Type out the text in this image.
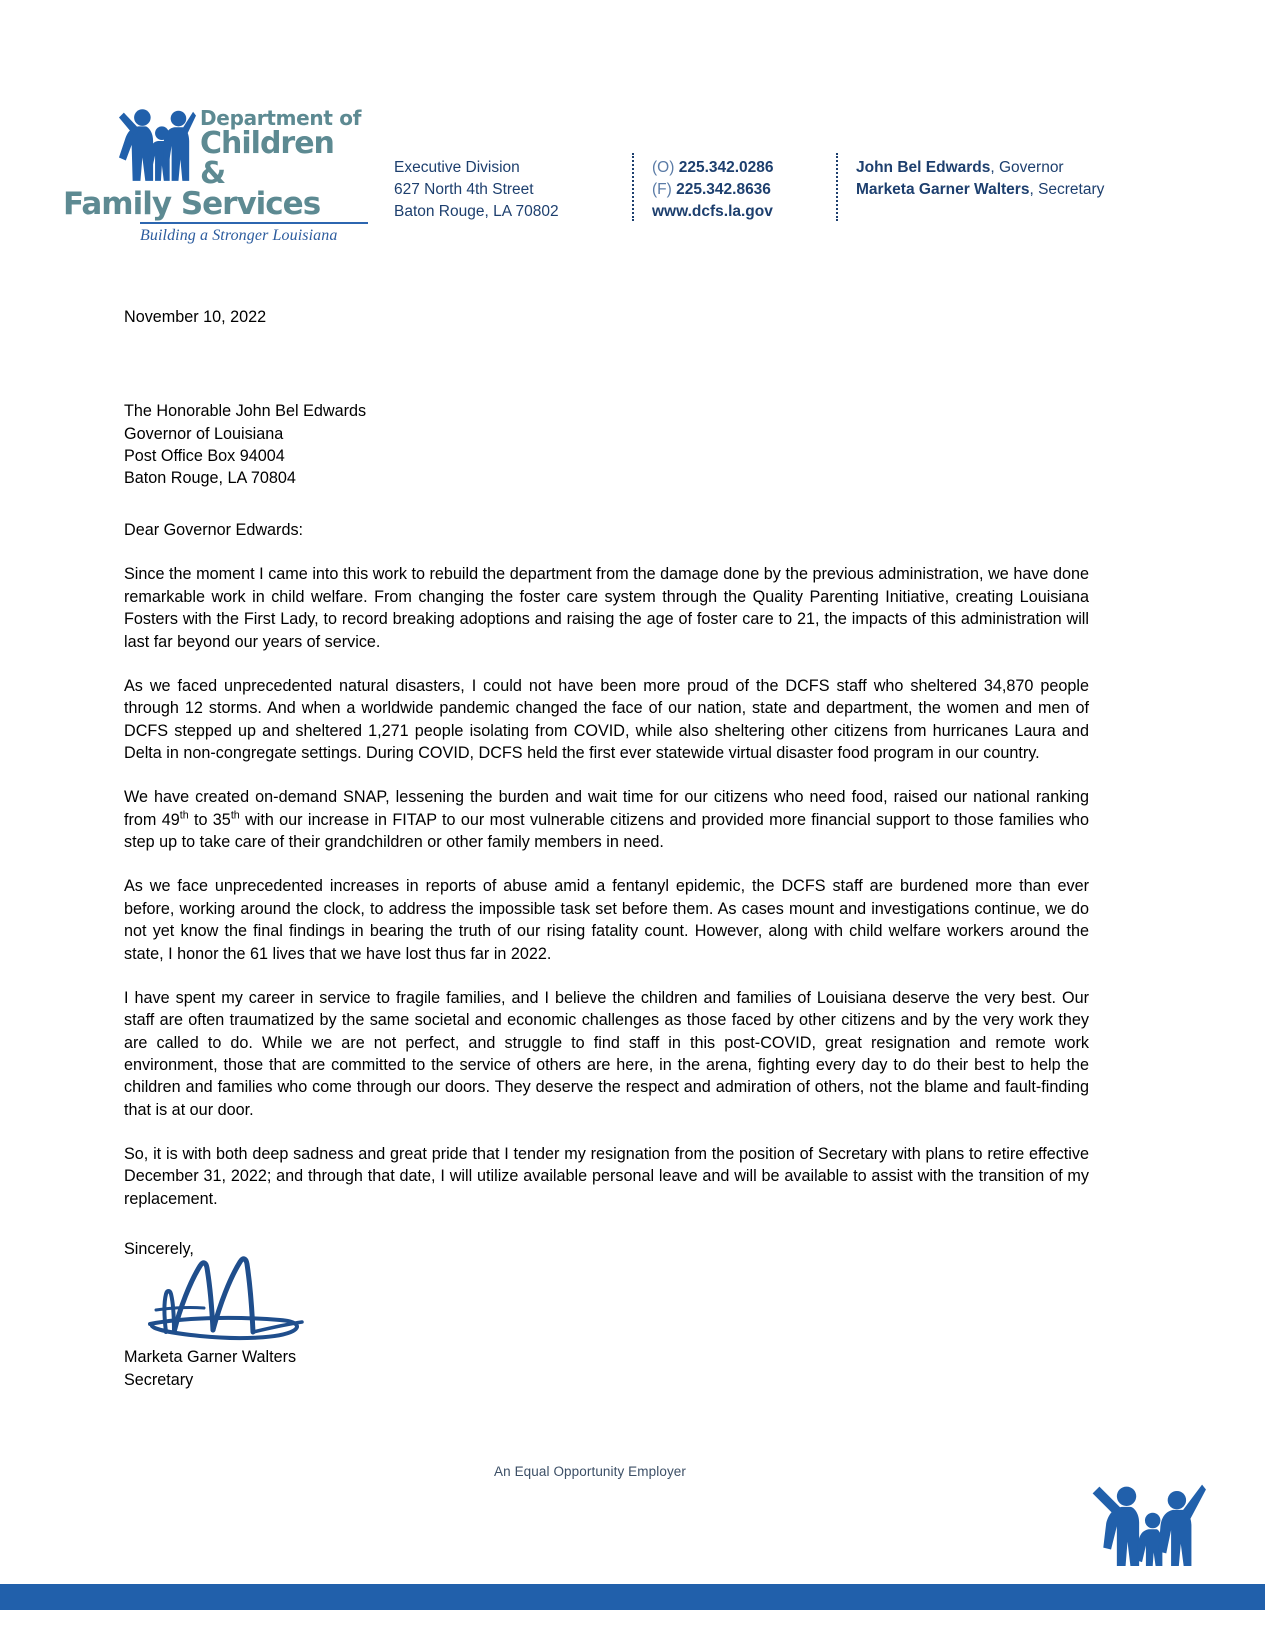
Department of
Children &
Family Services
Building a Stronger Louisiana
Executive Division
627 North 4th Street
Baton Rouge, LA 70802
(O) 225.342.0286
(F) 225.342.8636
www.dcfs.la.gov
John Bel Edwards, Governor
Marketa Garner Walters, Secretary
November 10, 2022
The Honorable John Bel Edwards
Governor of Louisiana
Post Office Box 94004
Baton Rouge, LA 70804
Dear Governor Edwards:

Since the moment I came into this work to rebuild the department from the damage done by the previous administration, we have done remarkable work in child welfare. From changing the foster care system through the Quality Parenting Initiative, creating Louisiana Fosters with the First Lady, to record breaking adoptions and raising the age of foster care to 21, the impacts of this administration will last far beyond our years of service.

As we faced unprecedented natural disasters, I could not have been more proud of the DCFS staff who sheltered 34,870 people through 12 storms. And when a worldwide pandemic changed the face of our nation, state and department, the women and men of DCFS stepped up and sheltered 1,271 people isolating from COVID, while also sheltering other citizens from hurricanes Laura and Delta in non-congregate settings. During COVID, DCFS held the first ever statewide virtual disaster food program in our country.

We have created on-demand SNAP, lessening the burden and wait time for our citizens who need food, raised our national ranking from 49th to 35th with our increase in FITAP to our most vulnerable citizens and provided more financial support to those families who step up to take care of their grandchildren or other family members in need.

As we face unprecedented increases in reports of abuse amid a fentanyl epidemic, the DCFS staff are burdened more than ever before, working around the clock, to address the impossible task set before them. As cases mount and investigations continue, we do not yet know the final findings in bearing the truth of our rising fatality count. However, along with child welfare workers around the state, I honor the 61 lives that we have lost thus far in 2022.

I have spent my career in service to fragile families, and I believe the children and families of Louisiana deserve the very best. Our staff are often traumatized by the same societal and economic challenges as those faced by other citizens and by the very work they are called to do. While we are not perfect, and struggle to find staff in this post-COVID, great resignation and remote work environment, those that are committed to the service of others are here, in the arena, fighting every day to do their best to help the children and families who come through our doors. They deserve the respect and admiration of others, not the blame and fault-finding that is at our door.

So, it is with both deep sadness and great pride that I tender my resignation from the position of Secretary with plans to retire effective December 31, 2022; and through that date, I will utilize available personal leave and will be available to assist with the transition of my replacement.

Sincerely,
Marketa Garner Walters
Secretary
An Equal Opportunity Employer
